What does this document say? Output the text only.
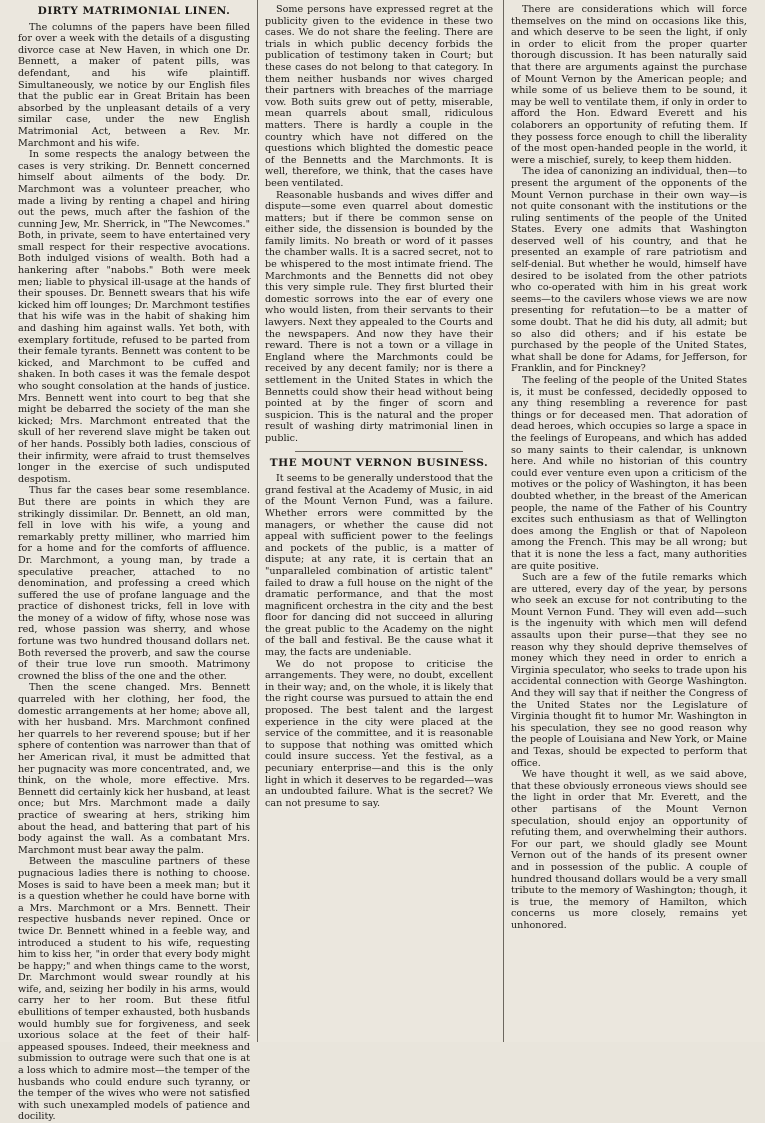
DIRTY MATRIMONIAL LINEN.

The columns of the papers have been filled for over a week with the details of a disgusting divorce case at New Haven, in which one Dr. Bennett, a maker of patent pills, was defendant, and his wife plaintiff. Simultaneously, we notice by our English files that the public ear in Great Britain has been absorbed by the unpleasant details of a very similar case, under the new English Matrimonial Act, between a Rev. Mr. Marchmont and his wife.

In some respects the analogy between the cases is very striking. Dr. Bennett concerned himself about ailments of the body. Dr. Marchmont was a volunteer preacher, who made a living by renting a chapel and hiring out the pews, much after the fashion of the cunning Jew, Mr. Sherrick, in "The Newcomes." Both, in private, seem to have entertained very small respect for their respective avocations. Both indulged visions of wealth. Both had a hankering after "nabobs." Both were meek men; liable to physical ill-usage at the hands of their spouses. Dr. Bennett swears that his wife kicked him off lounges; Dr. Marchmont testifies that his wife was in the habit of shaking him and dashing him against walls. Yet both, with exemplary fortitude, refused to be parted from their female tyrants. Bennett was content to be kicked, and Marchmont to be cuffed and shaken. In both cases it was the female despot who sought consolation at the hands of justice. Mrs. Bennett went into court to beg that she might be debarred the society of the man she kicked; Mrs. Marchmont entreated that the skull of her reverend slave might be taken out of her hands. Possibly both ladies, conscious of their infirmity, were afraid to trust themselves longer in the exercise of such undisputed despotism.

Thus far the cases bear some resemblance. But there are points in which they are strikingly dissimilar. Dr. Bennett, an old man, fell in love with his wife, a young and remarkably pretty milliner, who married him for a home and for the comforts of affluence. Dr. Marchmont, a young man, by trade a speculative preacher, attached to no denomination, and professing a creed which suffered the use of profane language and the practice of dishonest tricks, fell in love with the money of a widow of fifty, whose nose was red, whose passion was sherry, and whose fortune was two hundred thousand dollars net. Both reversed the proverb, and saw the course of their true love run smooth. Matrimony crowned the bliss of the one and the other.

Then the scene changed. Mrs. Bennett quarreled with her clothing, her food, the domestic arrangements at her home; above all, with her husband. Mrs. Marchmont confined her quarrels to her reverend spouse; but if her sphere of contention was narrower than that of her American rival, it must be admitted that her pugnacity was more concentrated, and, we think, on the whole, more effective. Mrs. Bennett did certainly kick her husband, at least once; but Mrs. Marchmont made a daily practice of swearing at hers, striking him about the head, and battering that part of his body against the wall. As a combatant Mrs. Marchmont must bear away the palm.

Between the masculine partners of these pugnacious ladies there is nothing to choose. Moses is said to have been a meek man; but it is a question whether he could have borne with a Mrs. Marchmont or a Mrs. Bennett. Their respective husbands never repined. Once or twice Dr. Bennett whined in a feeble way, and introduced a student to his wife, requesting him to kiss her, "in order that every body might be happy;" and when things came to the worst, Dr. Marchmont would swear roundly at his wife, and, seizing her bodily in his arms, would carry her to her room. But these fitful ebullitions of temper exhausted, both husbands would humbly sue for forgiveness, and seek uxorious solace at the feet of their half-appeased spouses. Indeed, their meekness and submission to outrage were such that one is at a loss which to admire most—the temper of the husbands who could endure such tyranny, or the temper of the wives who were not satisfied with such unexampled models of patience and docility.

Some persons have expressed regret at the publicity given to the evidence in these two cases. We do not share the feeling. There are trials in which public decency forbids the publication of testimony taken in Court; but these cases do not belong to that category. In them neither husbands nor wives charged their partners with breaches of the marriage vow. Both suits grew out of petty, miserable, mean quarrels about small, ridiculous matters. There is hardly a couple in the country which have not differed on the questions which blighted the domestic peace of the Bennetts and the Marchmonts. It is well, therefore, we think, that the cases have been ventilated.

Reasonable husbands and wives differ and dispute—some even quarrel about domestic matters; but if there be common sense on either side, the dissension is bounded by the family limits. No breath or word of it passes the chamber walls. It is a sacred secret, not to be whispered to the most intimate friend. The Marchmonts and the Bennetts did not obey this very simple rule. They first blurted their domestic sorrows into the ear of every one who would listen, from their servants to their lawyers. Next they appealed to the Courts and the newspapers. And now they have their reward. There is not a town or a village in England where the Marchmonts could be received by any decent family; nor is there a settlement in the United States in which the Bennetts could show their head without being pointed at by the finger of scorn and suspicion. This is the natural and the proper result of washing dirty matrimonial linen in public.

THE MOUNT VERNON BUSINESS.

It seems to be generally understood that the grand festival at the Academy of Music, in aid of the Mount Vernon Fund, was a failure. Whether errors were committed by the managers, or whether the cause did not appeal with sufficient power to the feelings and pockets of the public, is a matter of dispute; at any rate, it is certain that an "unparalleled combination of artistic talent" failed to draw a full house on the night of the dramatic performance, and that the most magnificent orchestra in the city and the best floor for dancing did not succeed in alluring the great public to the Academy on the night of the ball and festival. Be the cause what it may, the facts are undeniable.

We do not propose to criticise the arrangements. They were, no doubt, excellent in their way; and, on the whole, it is likely that the right course was pursued to attain the end proposed. The best talent and the largest experience in the city were placed at the service of the committee, and it is reasonable to suppose that nothing was omitted which could insure success. Yet the festival, as a pecuniary enterprise—and this is the only light in which it deserves to be regarded—was an undoubted failure. What is the secret? We can not presume to say.

There are considerations which will force themselves on the mind on occasions like this, and which deserve to be seen the light, if only in order to elicit from the proper quarter thorough discussion. It has been naturally said that there are arguments against the purchase of Mount Vernon by the American people; and while some of us believe them to be sound, it may be well to ventilate them, if only in order to afford the Hon. Edward Everett and his colaborers an opportunity of refuting them. If they possess force enough to chill the liberality of the most open-handed people in the world, it were a mischief, surely, to keep them hidden.

The idea of canonizing an individual, then—to present the argument of the opponents of the Mount Vernon purchase in their own way—is not quite consonant with the institutions or the ruling sentiments of the people of the United States. Every one admits that Washington deserved well of his country, and that he presented an example of rare patriotism and self-denial. But whether he would, himself have desired to be isolated from the other patriots who co-operated with him in his great work seems—to the cavilers whose views we are now presenting for refutation—to be a matter of some doubt. That he did his duty, all admit; but so also did others; and if his estate be purchased by the people of the United States, what shall be done for Adams, for Jefferson, for Franklin, and for Pinckney?

The feeling of the people of the United States is, it must be confessed, decidedly opposed to any thing resembling a reverence for past things or for deceased men. That adoration of dead heroes, which occupies so large a space in the feelings of Europeans, and which has added so many saints to their calendar, is unknown here. And while no historian of this country could ever venture even upon a criticism of the motives or the policy of Washington, it has been doubted whether, in the breast of the American people, the name of the Father of his Country excites such enthusiasm as that of Wellington does among the English or that of Napoleon among the French. This may be all wrong; but that it is none the less a fact, many authorities are quite positive.

Such are a few of the futile remarks which are uttered, every day of the year, by persons who seek an excuse for not contributing to the Mount Vernon Fund. They will even add—such is the ingenuity with which men will defend assaults upon their purse—that they see no reason why they should deprive themselves of money which they need in order to enrich a Virginia speculator, who seeks to trade upon his accidental connection with George Washington. And they will say that if neither the Congress of the United States nor the Legislature of Virginia thought fit to humor Mr. Washington in his speculation, they see no good reason why the people of Louisiana and New York, or Maine and Texas, should be expected to perform that office.

We have thought it well, as we said above, that these obviously erroneous views should see the light in order that Mr. Everett, and the other partisans of the Mount Vernon speculation, should enjoy an opportunity of refuting them, and overwhelming their authors. For our part, we should gladly see Mount Vernon out of the hands of its present owner and in possession of the public. A couple of hundred thousand dollars would be a very small tribute to the memory of Washington; though, it is true, the memory of Hamilton, which concerns us more closely, remains yet unhonored.
